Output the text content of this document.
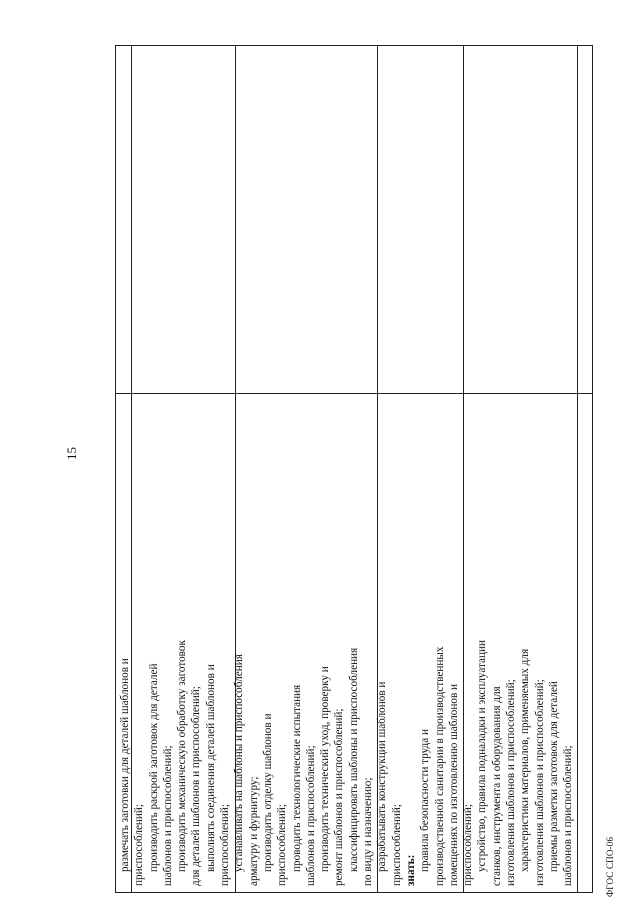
15
размечать заготовки для деталей шаблонов и приспособлений; производить раскрой заготовок для деталей шаблонов и приспособлений; производить механическую обработку заготовок для деталей шаблонов и приспособлений; выполнять соединения деталей шаблонов и приспособлений; устанавливать на шаблоны и приспособления арматуру и фурнитуру; производить отделку шаблонов и приспособлений; проводить технологические испытания шаблонов и приспособлений; производить технический уход, проверку и ремонт шаблонов и приспособлений; классифицировать шаблоны и приспособления по виду и назначению; разрабатывать конструкции шаблонов и приспособлений; знать: правила безопасности труда и производственной санитарии в производственных помещениях по изготовлению шаблонов и приспособлений; устройство, правила подналадки и эксплуатации станков, инструмента и оборудования для изготовления шаблонов и приспособлений; характеристики материалов, применяемых для изготовления шаблонов и приспособлений; приемы разметки заготовок для деталей шаблонов и приспособлений;	ФГОС СПО-06
